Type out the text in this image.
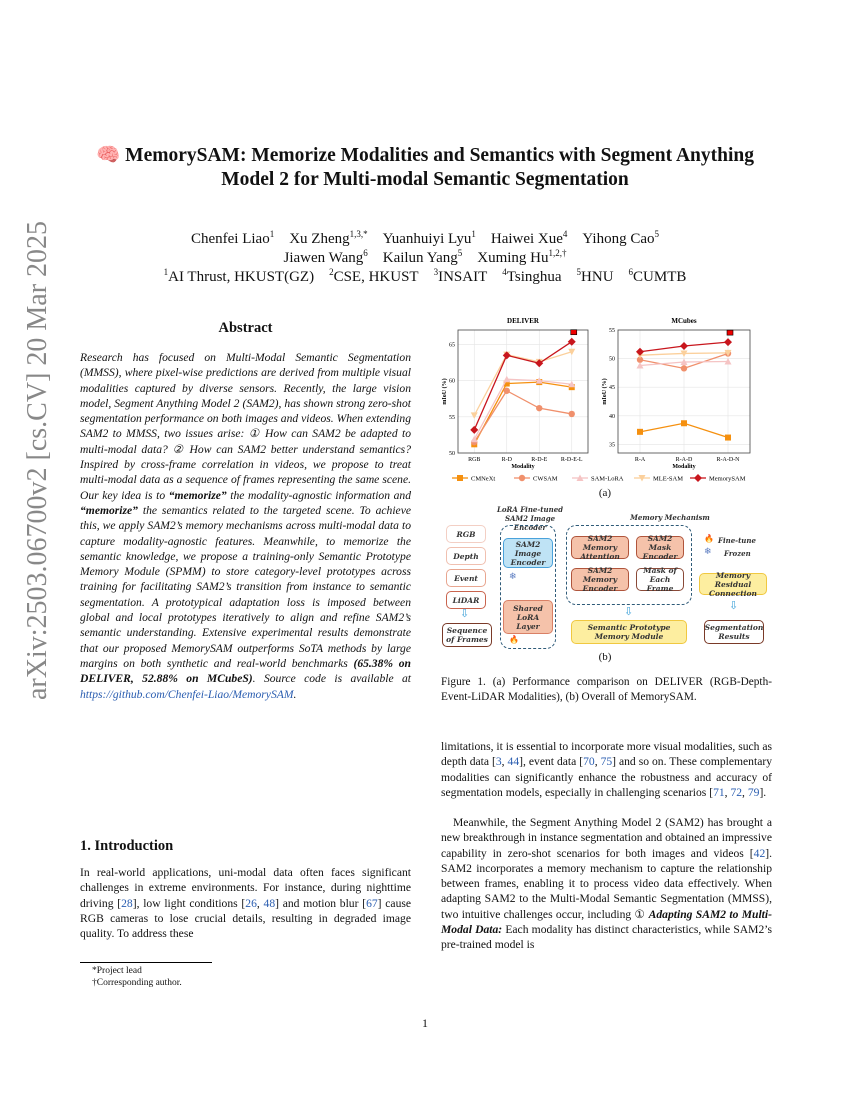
arXiv:2503.06700v2 [cs.CV] 20 Mar 2025
🧠 MemorySAM: Memorize Modalities and Semantics with Segment Anything
Model 2 for Multi-modal Semantic Segmentation
Chenfei Liao$^1$ Xu Zheng$^{1,3,*}$ Yuanhuiyi Lyu$^1$ Haiwei Xue$^4$ Yihong Cao$^5$
Jiawen Wang$^6$ Kailun Yang$^5$ Xuming $Hu^{1,2,\dagger}$
$^1$AI Thrust, HKUST(GZ) $^2$CSE, HKUST $^3$INSAIT $^4$Tsinghua $^5$HNU $^6$CUMTB
Abstract
Research has focused on Multi-Modal Semantic Segmentation (MMSS), where pixel-wise predictions are derived from multiple visual modalities captured by diverse sensors. Recently, the large vision model, Segment Anything Model 2 (SAM2), has shown strong zero-shot segmentation performance on both images and videos. When extending SAM2 to MMSS, two issues arise: ① How can SAM2 be adapted to multi-modal data? ② How can SAM2 better understand semantics? Inspired by cross-frame correlation in videos, we propose to treat multi-modal data as a sequence of frames representing the same scene. Our key idea is to “memorize” the modality-agnostic information and “memorize” the semantics related to the targeted scene. To achieve this, we apply SAM2’s memory mechanisms across multi-modal data to capture modality-agnostic features. Meanwhile, to memorize the semantic knowledge, we propose a training-only Semantic Prototype Memory Module (SPMM) to store category-level prototypes across training for facilitating SAM2’s transition from instance to semantic segmentation. A prototypical adaptation loss is imposed between global and local prototypes iteratively to align and refine SAM2’s semantic understanding. Extensive experimental results demonstrate that our proposed MemorySAM outperforms SoTA methods by large margins on both synthetic and real-world benchmarks (65.38% on DELIVER, 52.88% on MCubeS). Source code is available at https://github.com/Chenfei-Liao/MemorySAM.
1. Introduction
In real-world applications, uni-modal data often faces significant challenges in extreme environments. For instance, during nighttime driving [28], low light conditions [26, 48] and motion blur [67] cause RGB cameras to lose crucial details, resulting in degraded image quality. To address these
*Project lead
†Corresponding author.
DELIVER
50
55
60
65
RGB	R-D	R-D-E R-D-E-L
Modality
mIoU (%)
MCubes
35
40
45
50
55
R-A	R-A-D	R-A-D-N
Modality
mIoU (%)
CMNeXt	CWSAM	SAM-LoRA	MLE-SAM	MemorySAM
(a)
LoRA Fine-tuned SAM2 Image Encoder
Memory Mechanism
RGB
Depth
Event
LiDAR
⇩
Sequence of Frames
SAM2 Image Encoder
❄
Shared LoRA Layer
🔥
SAM2 Memory Attention
SAM2 Mask Encoder
SAM2 Memory Encoder
Mask of Each Frame
Memory Residual Connection
Semantic Prototype Memory Module
Segmentation Results
⇩	⇩
🔥 Fine-tune
❄ Frozen
(b)
Figure 1. (a) Performance comparison on DELIVER (RGB-Depth-Event-LiDAR Modalities), (b) Overall of MemorySAM.
limitations, it is essential to incorporate more visual modalities, such as depth data [3, 44], event data [70, 75] and so on. These complementary modalities can significantly enhance the robustness and accuracy of segmentation models, especially in challenging scenarios [71, 72, 79].
Meanwhile, the Segment Anything Model 2 (SAM2) has brought a new breakthrough in instance segmentation and obtained an impressive capability in zero-shot scenarios for both images and videos [42]. SAM2 incorporates a memory mechanism to capture the relationship between frames, enabling it to process video data effectively. When adapting SAM2 to the Multi-Modal Semantic Segmentation (MMSS), two intuitive challenges occur, including ① Adapting SAM2 to Multi-Modal Data: Each modality has distinct characteristics, while SAM2’s pre-trained model is
1
